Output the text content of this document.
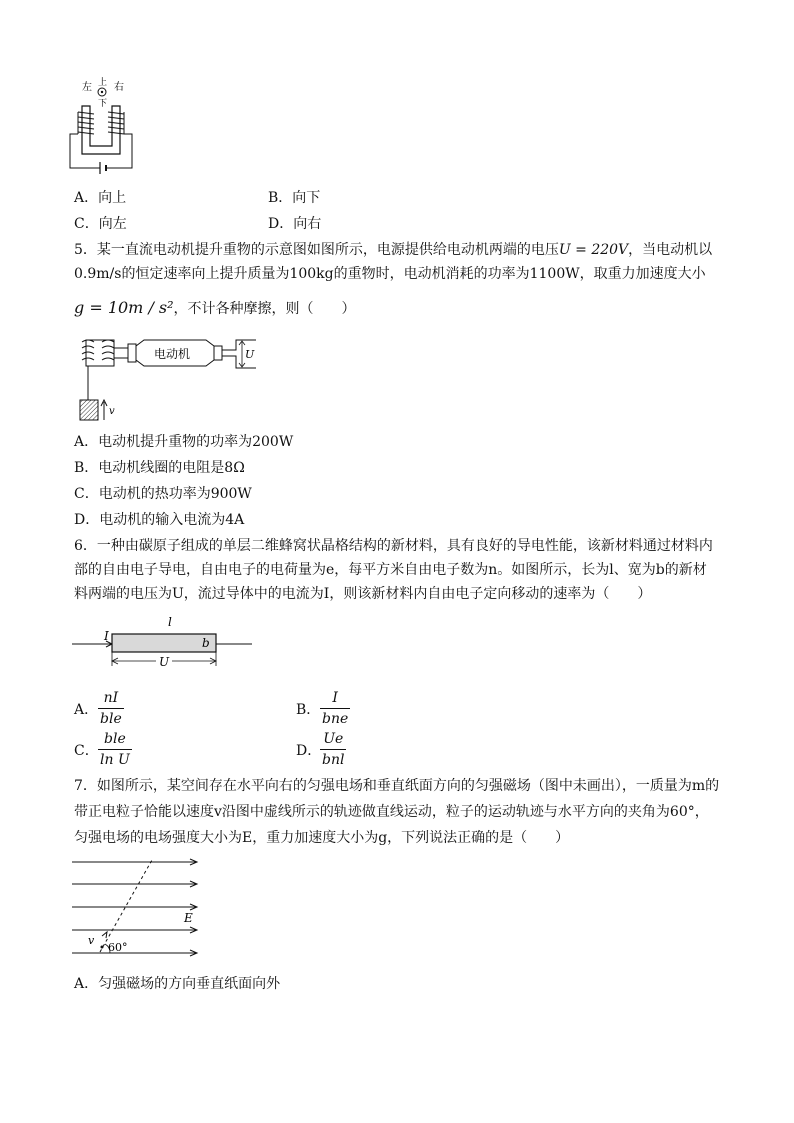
左 上 右
下
A．向上	B．向下
C．向左	D．向右
5．某一直流电动机提升重物的示意图如图所示，电源提供给电动机两端的电压U = 220V，当电动机以
0.9m/s的恒定速率向上提升质量为100kg的重物时，电动机消耗的功率为1100W，取重力加速度大小
g = 10m / s²，不计各种摩擦，则（　　）
电动机	U
v
A．电动机提升重物的功率为200W
B．电动机线圈的电阻是8Ω
C．电动机的热功率为900W
D．电动机的输入电流为4A
6．一种由碳原子组成的单层二维蜂窝状晶格结构的新材料，具有良好的导电性能，该新材料通过材料内
部的自由电子导电，自由电子的电荷量为e，每平方米自由电子数为n。如图所示，长为l、宽为b的新材
料两端的电压为U，流过导体中的电流为I，则该新材料内自由电子定向移动的速率为（　　）
l
I	b
U
A．
nI
ble
B．
I
bne
C．
ble
ln U
D．
Ue
bnl
7．如图所示，某空间存在水平向右的匀强电场和垂直纸面方向的匀强磁场（图中未画出），一质量为m的
带正电粒子恰能以速度v沿图中虚线所示的轨迹做直线运动，粒子的运动轨迹与水平方向的夹角为60°，
匀强电场的电场强度大小为E，重力加速度大小为g，下列说法正确的是（　　）
E
v
60°
A．匀强磁场的方向垂直纸面向外
